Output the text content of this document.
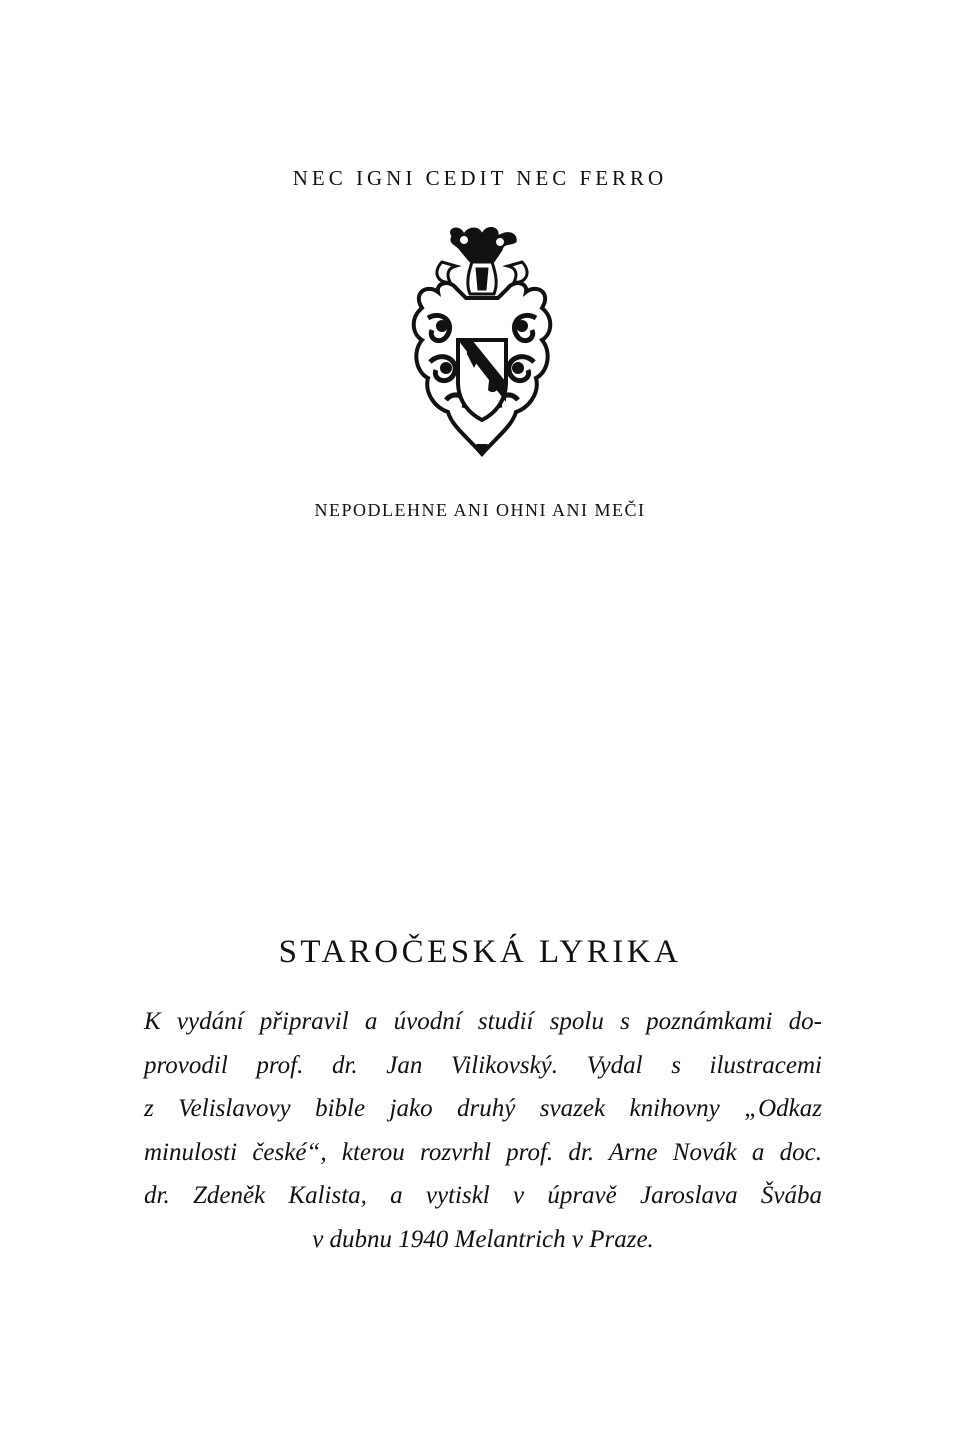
NEC IGNI CEDIT NEC FERRO
NEPODLEHNE ANI OHNI ANI MEČI
STAROČESKÁ LYRIKA
K vydání připravil a úvodní studií spolu s poznámkami do-
provodil prof. dr. Jan Vilikovský. Vydal s ilustracemi
z Velislavovy bible jako druhý svazek knihovny „Odkaz
minulosti české“, kterou rozvrhl prof. dr. Arne Novák a doc.
dr. Zdeněk Kalista, a vytiskl v úpravě Jaroslava Švába
v dubnu 1940 Melantrich v Praze.
